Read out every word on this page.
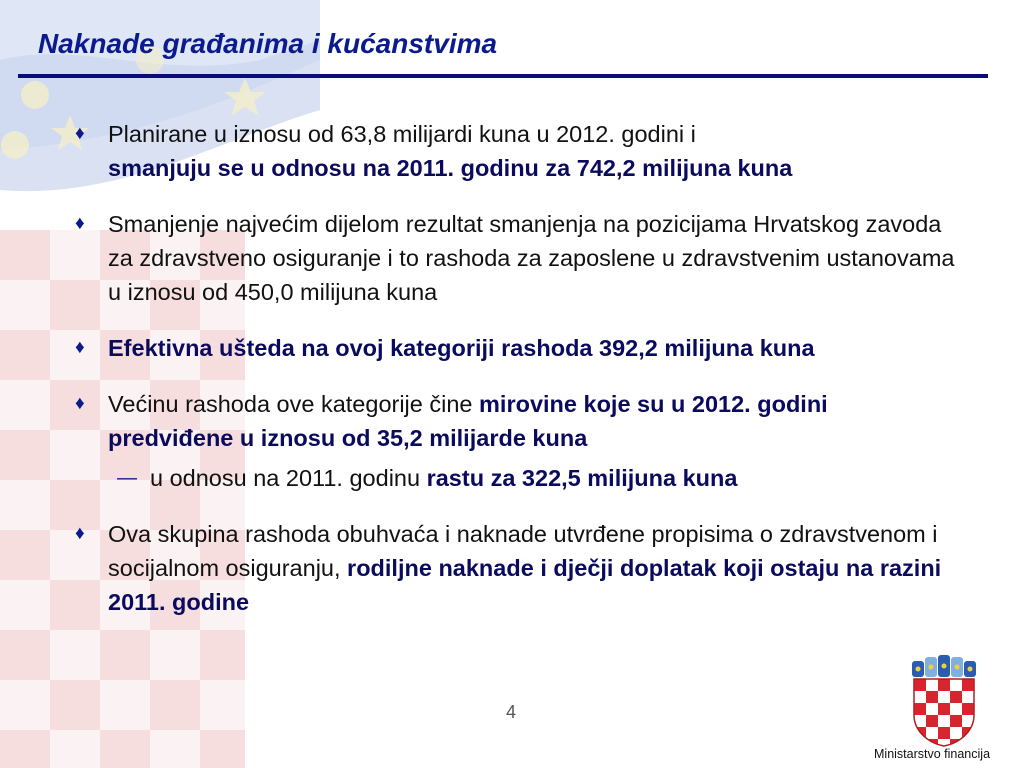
Naknade građanima i kućanstvima
♦ Planirane u iznosu od 63,8 milijardi kuna u 2012. godini i
smanjuju se u odnosu na 2011. godinu za 742,2 milijuna kuna
♦ Smanjenje najvećim dijelom rezultat smanjenja na pozicijama Hrvatskog zavoda za zdravstveno osiguranje i to rashoda za zaposlene u zdravstvenim ustanovama u iznosu od 450,0 milijuna kuna
♦ Efektivna ušteda na ovoj kategoriji rashoda 392,2 milijuna kuna
♦ Većinu rashoda ove kategorije čine mirovine koje su u 2012. godini predviđene u iznosu od 35,2 milijarde kuna
— u odnosu na 2011. godinu rastu za 322,5 milijuna kuna
♦ Ova skupina rashoda obuhvaća i naknade utvrđene propisima o zdravstvenom i socijalnom osiguranju, rodiljne naknade i dječji doplatak koji ostaju na razini 2011. godine
4
Ministarstvo financija
